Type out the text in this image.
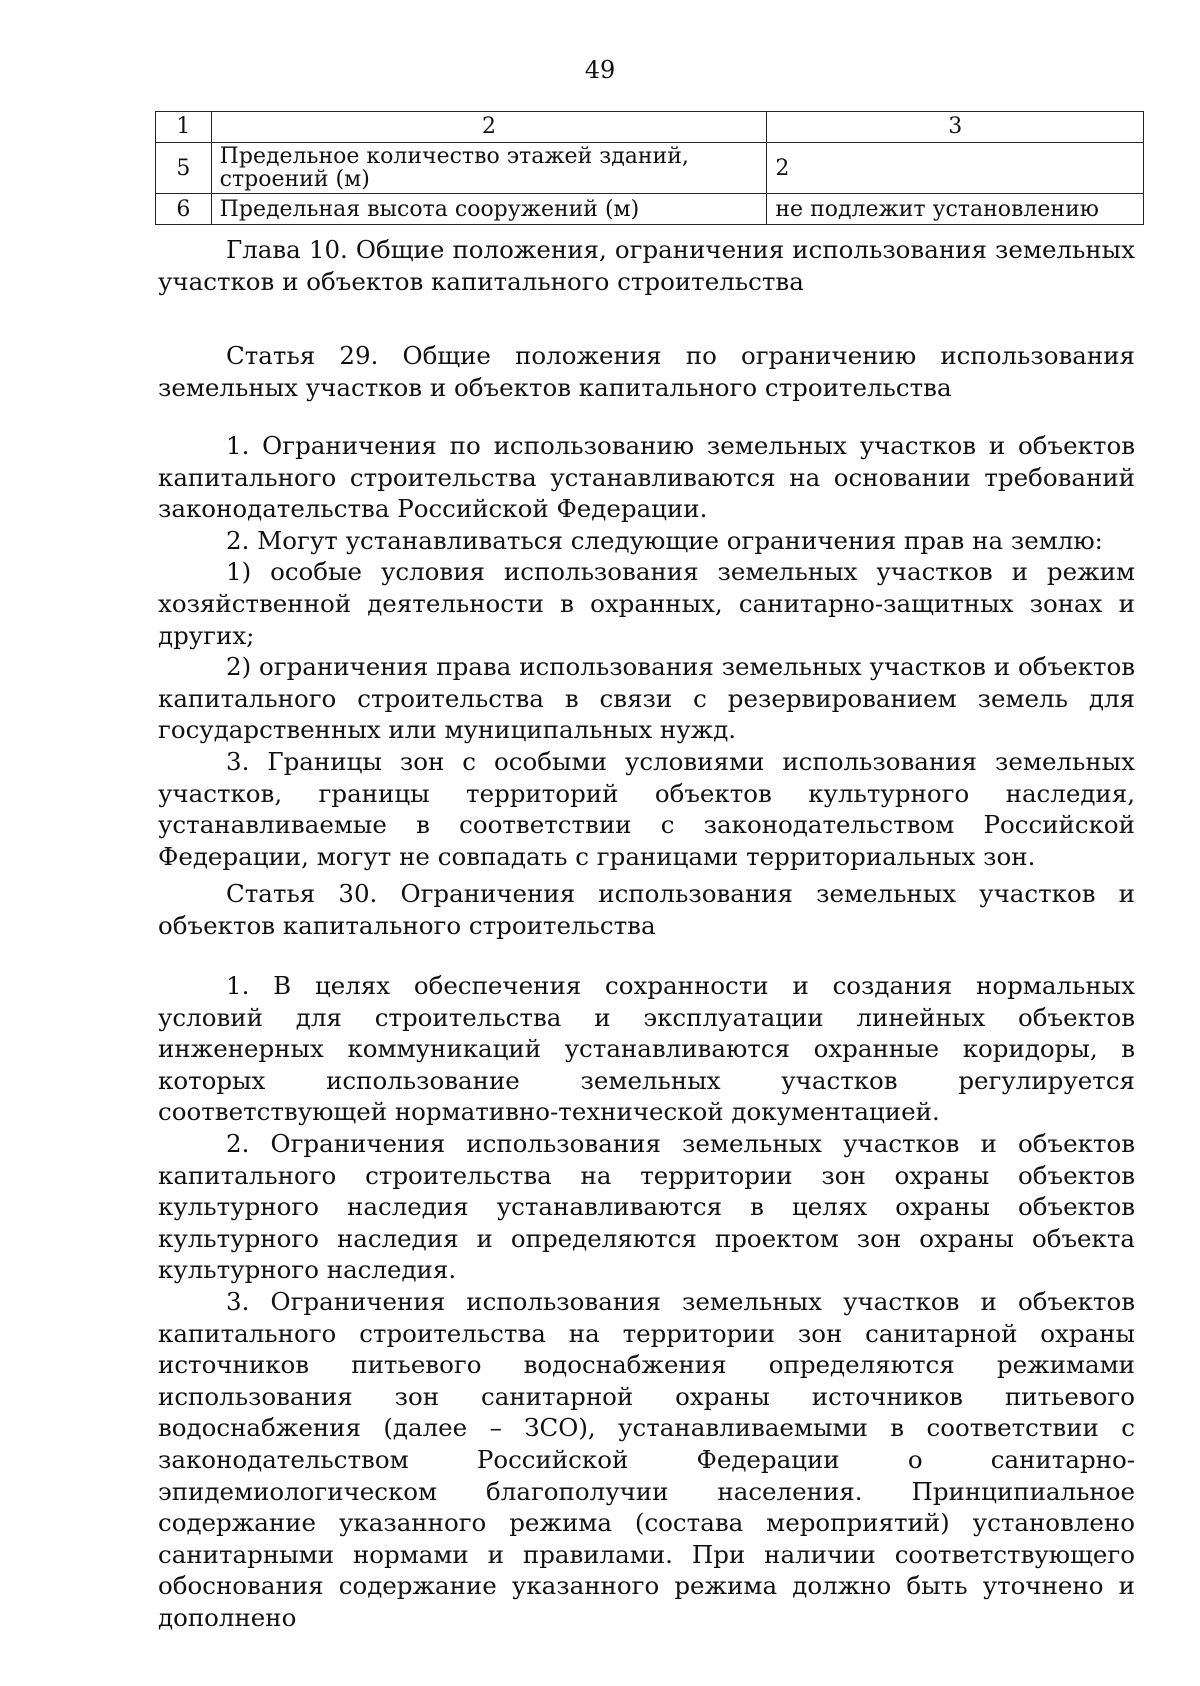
49
1	2	3
5	Предельное количество этажей зданий, строений (м)	2
6	Предельная высота сооружений (м)	не подлежит установлению

Глава 10. Общие положения, ограничения использования земельных участков и объектов капитального строительства

Статья 29. Общие положения по ограничению использования земельных участков и объектов капитального строительства

1. Ограничения по использованию земельных участков и объектов капитального строительства устанавливаются на основании требований законодательства Российской Федерации.

2. Могут устанавливаться следующие ограничения прав на землю:

1) особые условия использования земельных участков и режим хозяйственной деятельности в охранных, санитарно-защитных зонах и других;

2) ограничения права использования земельных участков и объектов капитального строительства в связи с резервированием земель для государственных или муниципальных нужд.

3. Границы зон с особыми условиями использования земельных участков, границы территорий объектов культурного наследия, устанавливаемые в соответствии с законодательством Российской Федерации, могут не совпадать с границами территориальных зон.

Статья 30. Ограничения использования земельных участков и объектов капитального строительства

1. В целях обеспечения сохранности и создания нормальных условий для строительства и эксплуатации линейных объектов инженерных коммуникаций устанавливаются охранные коридоры, в которых использование земельных участков регулируется соответствующей нормативно-технической документацией.

2. Ограничения использования земельных участков и объектов капитального строительства на территории зон охраны объектов культурного наследия устанавливаются в целях охраны объектов культурного наследия и определяются проектом зон охраны объекта культурного наследия.

3. Ограничения использования земельных участков и объектов капитального строительства на территории зон санитарной охраны источников питьевого водоснабжения определяются режимами использования зон санитарной охраны источников питьевого водоснабжения (далее – ЗСО), устанавливаемыми в соответствии с законодательством Российской Федерации о санитарно-эпидемиологическом благополучии населения. Принципиальное содержание указанного режима (состава мероприятий) установлено санитарными нормами и правилами. При наличии соответствующего обоснования содержание указанного режима должно быть уточнено и дополнено
